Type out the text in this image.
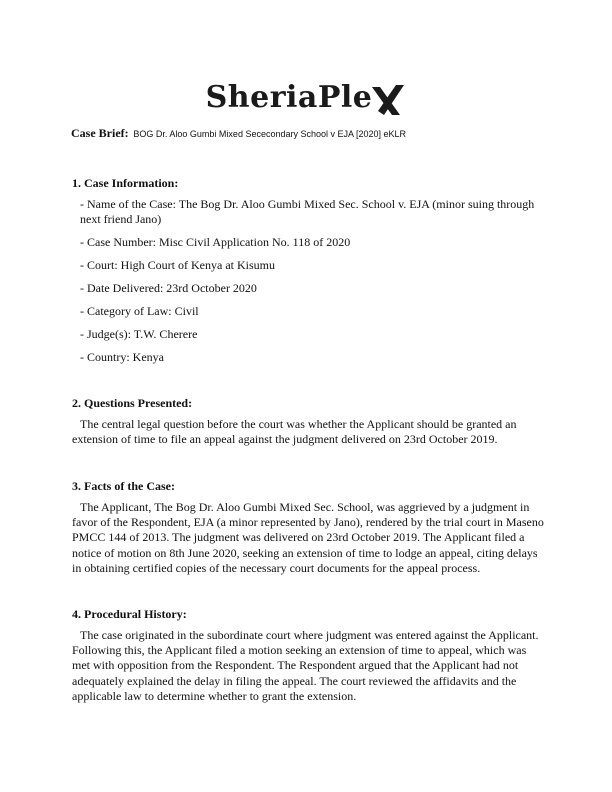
SheriaPle
Case Brief: BOG Dr. Aloo Gumbi Mixed Sececondary School v EJA [2020] eKLR
1. Case Information:
- Name of the Case: The Bog Dr. Aloo Gumbi Mixed Sec. School v. EJA (minor suing through next friend Jano)
- Case Number: Misc Civil Application No. 118 of 2020
- Court: High Court of Kenya at Kisumu
- Date Delivered: 23rd October 2020
- Category of Law: Civil
- Judge(s): T.W. Cherere
- Country: Kenya
2. Questions Presented:
The central legal question before the court was whether the Applicant should be granted an extension of time to file an appeal against the judgment delivered on 23rd October 2019.
3. Facts of the Case:
The Applicant, The Bog Dr. Aloo Gumbi Mixed Sec. School, was aggrieved by a judgment in favor of the Respondent, EJA (a minor represented by Jano), rendered by the trial court in Maseno PMCC 144 of 2013. The judgment was delivered on 23rd October 2019. The Applicant filed a notice of motion on 8th June 2020, seeking an extension of time to lodge an appeal, citing delays in obtaining certified copies of the necessary court documents for the appeal process.
4. Procedural History:
The case originated in the subordinate court where judgment was entered against the Applicant. Following this, the Applicant filed a motion seeking an extension of time to appeal, which was met with opposition from the Respondent. The Respondent argued that the Applicant had not adequately explained the delay in filing the appeal. The court reviewed the affidavits and the applicable law to determine whether to grant the extension.
